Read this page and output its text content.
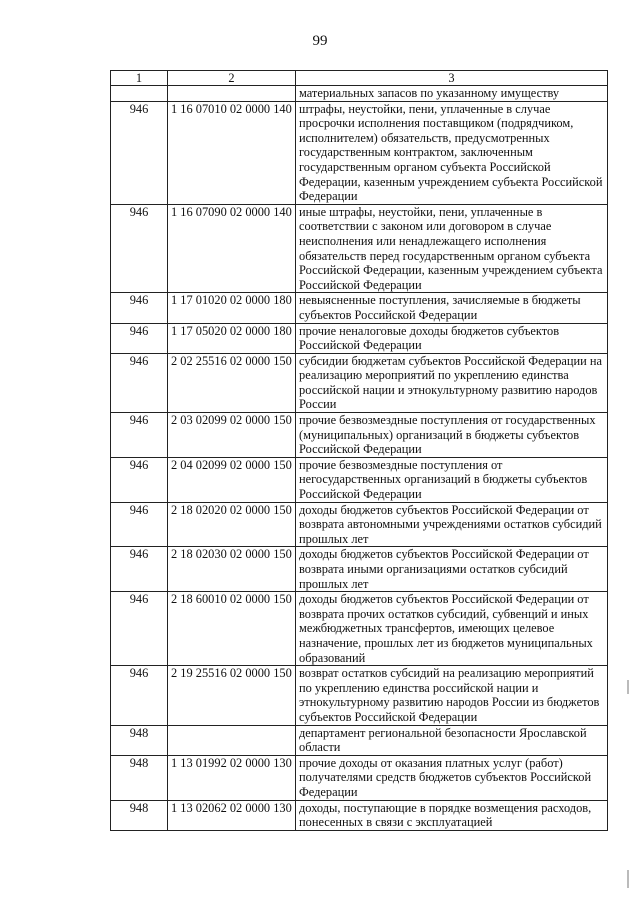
99
1	2	3
		материальных запасов по указанному имуществу
946	1 16 07010 02 0000 140	штрафы, неустойки, пени, уплаченные в случае просрочки исполнения поставщиком (подрядчиком, исполнителем) обязательств, предусмотренных государственным контрактом, заключенным государственным органом субъекта Российской Федерации, казенным учреждением субъекта Российской Федерации
946	1 16 07090 02 0000 140	иные штрафы, неустойки, пени, уплаченные в соответствии с законом или договором в случае неисполнения или ненадлежащего исполнения обязательств перед государственным органом субъекта Российской Федерации, казенным учреждением субъекта Российской Федерации
946	1 17 01020 02 0000 180	невыясненные поступления, зачисляемые в бюджеты субъектов Российской Федерации
946	1 17 05020 02 0000 180	прочие неналоговые доходы бюджетов субъектов Российской Федерации
946	2 02 25516 02 0000 150	субсидии бюджетам субъектов Российской Федерации на реализацию мероприятий по укреплению единства российской нации и этнокультурному развитию народов России
946	2 03 02099 02 0000 150	прочие безвозмездные поступления от государственных (муниципальных) организаций в бюджеты субъектов Российской Федерации
946	2 04 02099 02 0000 150	прочие безвозмездные поступления от негосударственных организаций в бюджеты субъектов Российской Федерации
946	2 18 02020 02 0000 150	доходы бюджетов субъектов Российской Федерации от возврата автономными учреждениями остатков субсидий прошлых лет
946	2 18 02030 02 0000 150	доходы бюджетов субъектов Российской Федерации от возврата иными организациями остатков субсидий прошлых лет
946	2 18 60010 02 0000 150	доходы бюджетов субъектов Российской Федерации от возврата прочих остатков субсидий, субвенций и иных межбюджетных трансфертов, имеющих целевое назначение, прошлых лет из бюджетов муниципальных образований
946	2 19 25516 02 0000 150	возврат остатков субсидий на реализацию мероприятий по укреплению единства российской нации и этнокультурному развитию народов России из бюджетов субъектов Российской Федерации
948		департамент региональной безопасности Ярославской области
948	1 13 01992 02 0000 130	прочие доходы от оказания платных услуг (работ) получателями средств бюджетов субъектов Российской Федерации
948	1 13 02062 02 0000 130	доходы, поступающие в порядке возмещения расходов, понесенных в связи с эксплуатацией
